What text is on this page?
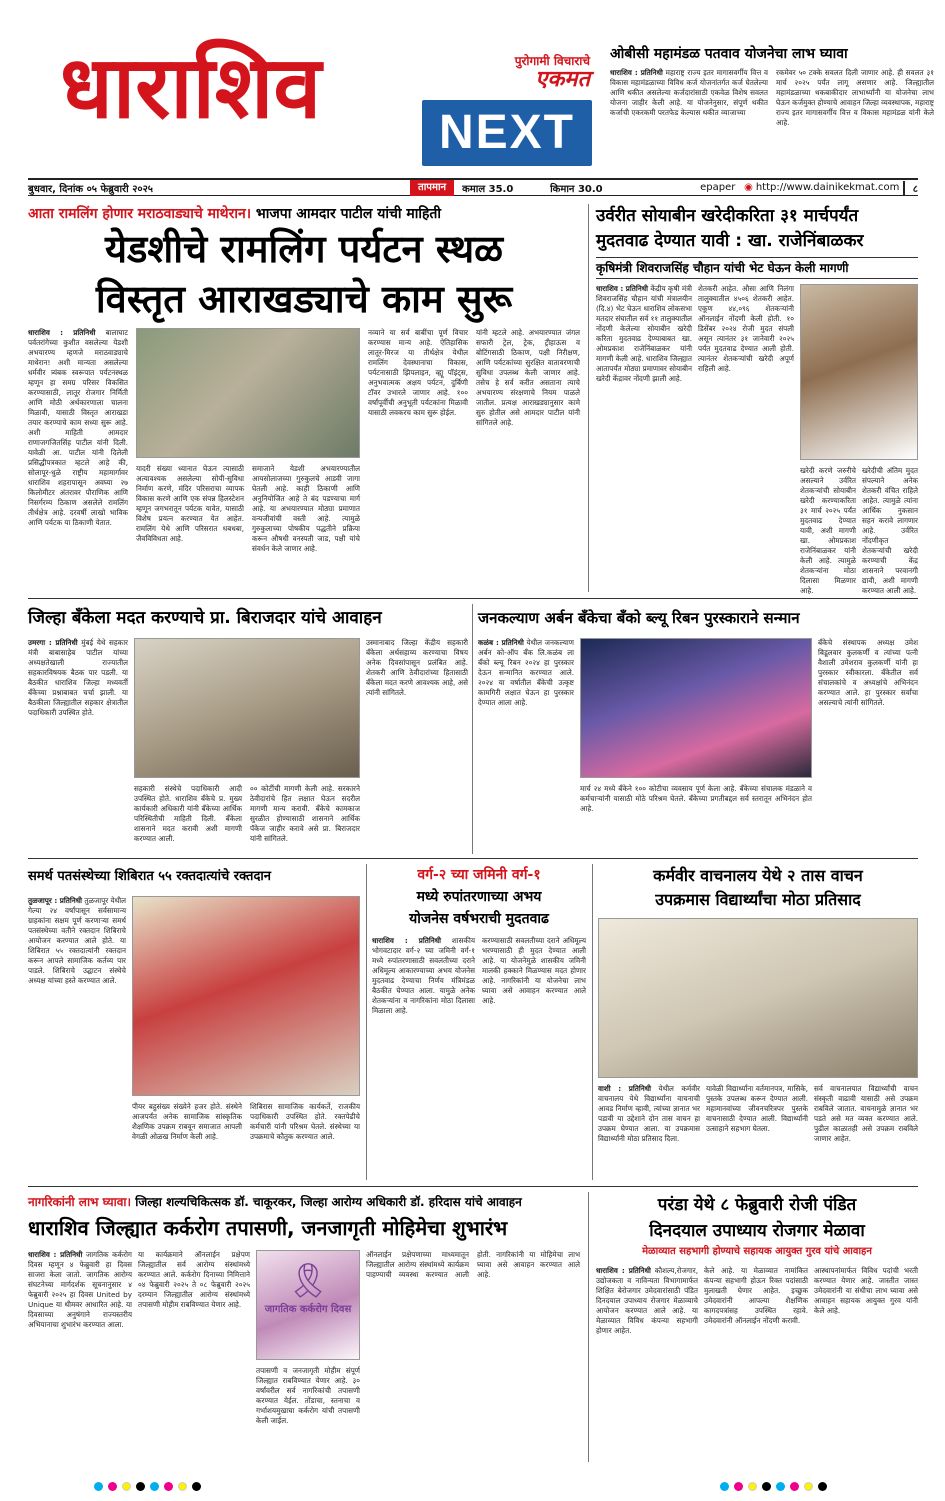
धाराशिव	पुरोगामी विचाराचे
एकमत
NEXT
ओबीसी महामंडळ पतवाव योजनेचा लाभ घ्यावा
धाराशिव : प्रतिनिधी महाराष्ट्र राज्य इतर मागासवर्गीय वित्त व विकास महामंडळाच्या विविध कर्ज योजनांतर्गत कर्ज घेतलेल्या आणि थकीत असलेल्या कर्जदारांसाठी एकवेळ विशेष सवलत योजना जाहीर केली आहे. या योजनेनुसार, संपूर्ण थकीत कर्जाची एकरकमी परतफेड केल्यास थकीत व्याजाच्या
रकमेवर ५० टक्के सवलत दिली जाणार आहे. ही सवलत ३१ मार्च २०२५ पर्यंत लागू असणार आहे. जिल्ह्यातील महामंडळाच्या थकबाकीदार लाभार्थ्यांनी या योजनेचा लाभ घेऊन कर्जमुक्त होण्याचे आवाहन जिल्हा व्यवस्थापक, महाराष्ट्र राज्य इतर मागासवर्गीय वित्त व विकास महामंडळ यांनी केले आहे.
बुधवार, दिनांक ०५ फेब्रुवारी २०२५	तापमान	कमाल 35.0	किमान 30.0	epaper ◉ http://www.dainikekmat.com	८
आता रामलिंग होणार मराठवाड्याचे माथेरान। भाजपा आमदार पाटील यांची माहिती
येडशीचे रामलिंग पर्यटन स्थळ
विस्तृत आराखड्याचे काम सुरू
धाराशिव : प्रतिनिधी बालाघाट पर्वतरांगेच्या कुशीत वसलेल्या येडशी अभयारण्य म्हणजे मराठवाड्याचे माथेरान! अशी मान्यता असलेल्या धर्मवीर त्र्यंबक स्वरूपात पर्यटनस्थळ म्हणून हा समग्र परिसर विकसित करण्यासाठी, लातूर रोजगार निर्मिती आणि मोठी अर्थकारणाला चालना मिळावी, यासाठी विस्तृत आराखडा तयार करण्याचे काम सध्या सुरू आहे. अशी माहिती आमदार राणाजगजितसिंह पाटील यांनी दिली. यावेळी आ. पाटील यांनी दिलेली प्रसिद्धीपत्रकात म्हटले आहे की, सोलापूर-धुळे राष्ट्रीय महामार्गावर धाराशिव शहरापासून अवघ्या २७ किलोमीटर अंतरावर पौराणिक आणि निसर्गरम्य ठिकाण असलेले रामलिंग तीर्थक्षेत्र आहे. दरवर्षी लाखो भाविक आणि पर्यटक या ठिकाणी येतात.
यादरी संख्या ध्यानात घेऊन त्यासाठी अत्यावश्यक असलेल्या सोयी-सुविधा निर्माण करणे, मंदिर परिसराचा व्यापक विकास करणे आणि एक संपन्न हिलस्टेशन म्हणून जगभरातून पर्यटक यावेत, यासाठी विशेष प्रयत्न करण्यात येत आहेत. रामलिंग येथे आणि परिसरात धबधबा, जैवविविधता आहे.
समाजाने येडशी अभयारण्यातील आयसोलाजच्या गुरुकुलचे आडवी जागा घेतली आहे. काही ठिकाणी आणि अनुनियोजित आहे ते बंद पडण्याचा मार्ग आहे. या अभयारण्यात मोठ्या प्रमाणात वन्यजीवांची वस्ती आहे. त्यामुळे गुरुकुलाच्या पोषकीय पद्धतीने प्रक्रिया करून औषधी वनस्पती जाड, पक्षी यांचे संवर्धन केले जाणार आहे.
नव्याने या सर्व बाबींचा पूर्ण विचार करण्यास मान्य आहे. ऐतिहासिक लातूर-मिरज या तीर्थक्षेत्र येथील रामलिंग देवस्थानाचा विकास, पर्यटनासाठी झिपलाइन, व्ह्यू पॉइंट्स, अनुभवात्मक अक्षय पर्यटन, दुर्बिणी टॉवर उभारले जाणार आहे. १०० वर्षांपूर्वीची अनुभूती पर्यटकांना मिळावी यासाठी लवकरच काम सुरू होईल.
यांनी म्हटले आहे. अभयारण्यात जंगल सफारी ट्रेल, ट्रेक, ट्रीहाऊस व बोटिंगसाठी ठिकाण, पक्षी निरीक्षण, आणि पर्यटकांच्या सुरक्षित वातावरणाची सुविधा उपलब्ध केली जाणार आहे. तसेच हे सर्व करीत असताना त्याचे अभयारण्य संरक्षणाचे नियम पाळले जातील. प्रत्यक्ष आराखड्यानुसार कामे सुरु होतील असे आमदार पाटील यांनी सांगितले आहे.
उर्वरीत सोयाबीन खरेदीकरिता ३१ मार्चपर्यंत
मुदतवाढ देण्यात यावी : खा. राजेनिंबाळकर
कृषिमंत्री शिवराजसिंह चौहान यांची भेट घेऊन केली मागणी
धाराशिव : प्रतिनिधी केंद्रीय कृषी मंत्री शिवराजसिंह चौहान यांची मंत्रालयीन (दि.४) भेट घेऊन धाराशिव लोकसभा मतदार संघातील सर्व ११ तालुक्यातील नोंदणी केलेल्या सोयाबीन खरेदी करिता मुदतवाढ देण्याबाबत खा. ओमप्रकाश राजेनिंबाळकर यांनी मागणी केली आहे. धाराशिव जिल्ह्यात आतापर्यंत मोठ्या प्रमाणावर सोयाबीन खरेदी केंद्रावर नोंदणी झाली आहे.
शेतकरी आहेत. औसा आणि निलंगा तालुक्यातील ४५०६ शेतकरी आहेत. एकूण ४४,०९६ शेतकऱ्यांनी ऑनलाईन नोंदणी केली होती. १० डिसेंबर २०२४ रोजी मुदत संपली असून त्यानंतर ३१ जानेवारी २०२५ पर्यंत मुदतवाढ देण्यात आली होती. त्यानंतर शेतकऱ्यांची खरेदी अपूर्ण राहिली आहे.
खरेदी करणे जरुरीचे असल्याने उर्वरित शेतकऱ्यांची सोयाबीन खरेदी करण्याकरिता ३१ मार्च २०२५ पर्यंत मुदतवाढ देण्यात यावी, अशी मागणी खा. ओमप्रकाश राजेनिंबाळकर यांनी केली आहे. त्यामुळे शेतकऱ्यांना मोठा दिलासा मिळणार आहे.
खरेदीची अंतिम मुदत संपल्याने अनेक शेतकरी वंचित राहिले आहेत. त्यामुळे त्यांना आर्थिक नुकसान सहन करावे लागणार आहे. उर्वरित नोंदणीकृत शेतकऱ्यांची खरेदी करण्याची केंद्र शासनाने परवानगी द्यावी, अशी मागणी करण्यात आली आहे.
जिल्हा बँकेला मदत करण्याचे प्रा. बिराजदार यांचे आवाहन
उमरगा : प्रतिनिधी मुंबई येथे सहकार मंत्री बाबासाहेब पाटील यांच्या अध्यक्षतेखाली राज्यातील सहकारविषयक बैठक पार पडली. या बैठकीत धाराशिव जिल्हा मध्यवर्ती बँकेच्या प्रश्नाबाबत चर्चा झाली. या बैठकीला जिल्ह्यातील सहकार क्षेत्रातील पदाधिकारी उपस्थित होते.
सहकारी संस्थेचे पदाधिकारी आदी उपस्थित होते. धाराशिव बँकेचे प्र. मुख्य कार्यकारी अधिकारी यांनी बँकेच्या आर्थिक परिस्थितीची माहिती दिली. बँकेला शासनाने मदत करावी अशी मागणी करण्यात आली.
०० कोटींची मागणी केली आहे. सरकारने ठेवीदारांचे हित लक्षात घेऊन सदरील मागणी मान्य करावी. बँकेचे कामकाज सुरळीत होण्यासाठी शासनाने आर्थिक पॅकेज जाहीर करावे असे प्रा. बिराजदार यांनी सांगितले.
उस्मानाबाद जिल्हा केंद्रीय सहकारी बँकेला अर्थसहाय्य करण्याचा विषय अनेक दिवसांपासून प्रलंबित आहे. शेतकरी आणि ठेवीदारांच्या हितासाठी बँकेला मदत करणे आवश्यक आहे, असे त्यांनी सांगितले.
जनकल्याण अर्बन बँकेचा बँको ब्ल्यू रिबन पुरस्काराने सन्मान
कळंब : प्रतिनिधी येथील जनकल्याण अर्बन को-ऑप बँक लि.कळंब ला बँको ब्ल्यू रिबन २०२४ हा पुरस्कार देऊन सन्मानित करण्यात आले. २०२४ या वर्षातील बँकेची उत्कृष्ट कामगिरी लक्षात घेऊन हा पुरस्कार देण्यात आला आहे.
मार्च २४ मध्ये बँकेने १०० कोटीचा व्यवसाय पूर्ण केला आहे. बँकेच्या संचालक मंडळाने व कर्मचाऱ्यांनी यासाठी मोठे परिश्रम घेतले. बँकेच्या प्रगतीबद्दल सर्व स्तरातून अभिनंदन होत आहे.
बँकेचे संस्थापक अध्यक्ष उमेश बिडूलवार कुलकर्णी व त्यांच्या पत्नी वैशाली उमेशराव कुलकर्णी यांनी हा पुरस्कार स्वीकारला. बँकेतील सर्व संचालकांचे व अध्यक्षांचे अभिनंदन करण्यात आले. हा पुरस्कार सर्वांचा असल्याचे त्यांनी सांगितले.
समर्थ पतसंस्थेच्या शिबिरात ५५ रक्तदात्यांचे रक्तदान
तुळजापूर : प्रतिनिधी तुळजापूर येथील गेल्या २४ वर्षांपासून सर्वसामान्य ग्राहकांना सक्षम पूर्ण करणाऱ्या समर्थ पतसंस्थेच्या वतीने रक्तदान शिबिराचे आयोजन करण्यात आले होते. या शिबिरात ५५ रक्तदात्यांनी रक्तदान करून आपले सामाजिक कर्तव्य पार पाडले. शिबिराचे उद्घाटन संस्थेचे अध्यक्ष यांच्या हस्ते करण्यात आले.
पीयर बहुसंख्य संख्येने हजर होते. संस्थेने आजपर्यंत अनेक सामाजिक सांस्कृतिक शैक्षणिक उपक्रम राबवून समाजात आपली वेगळी ओळख निर्माण केली आहे.
शिबिरास सामाजिक कार्यकर्ते, राजकीय पदाधिकारी उपस्थित होते. रक्तपेढीचे कर्मचारी यांनी परिश्रम घेतले. संस्थेच्या या उपक्रमाचे कौतुक करण्यात आले.
वर्ग-२ च्या जमिनी वर्ग-१
मध्ये रुपांतरणाच्या अभय
योजनेस वर्षभराची मुदतवाढ
धाराशिव : प्रतिनिधी शासकीय भोगवटादार वर्ग-२ च्या जमिनी वर्ग-१ मध्ये रुपांतरणासाठी सवलतीच्या दराने अधिमूल्य आकारण्याच्या अभय योजनेस मुदतवाढ देण्याचा निर्णय मंत्रिमंडळ बैठकीत घेण्यात आला. यामुळे अनेक शेतकऱ्यांना व नागरिकांना मोठा दिलासा मिळाला आहे.
करण्यासाठी सवलतीच्या दराने अधिमूल्य भरण्यासाठी ही मुदत देण्यात आली आहे. या योजनेमुळे शासकीय जमिनी मालकी हक्काने मिळण्यास मदत होणार आहे. नागरिकांनी या योजनेचा लाभ घ्यावा असे आवाहन करण्यात आले आहे.
कर्मवीर वाचनालय येथे २ तास वाचन
उपक्रमास विद्यार्थ्यांचा मोठा प्रतिसाद
वाशी : प्रतिनिधी येथील कर्मवीर वाचनालय येथे विद्यार्थ्यांना वाचनाची आवड निर्माण व्हावी, त्यांच्या ज्ञानात भर पडावी या उद्देशाने दोन तास वाचन हा उपक्रम घेण्यात आला. या उपक्रमास विद्यार्थ्यांनी मोठा प्रतिसाद दिला.
यावेळी विद्यार्थ्यांना वर्तमानपत्र, मासिके, पुस्तके उपलब्ध करून देण्यात आली. महामानवांच्या जीवनचरित्रपर पुस्तके वाचनासाठी देण्यात आली. विद्यार्थ्यांनी उत्साहाने सहभाग घेतला.
सर्व वाचनालयात विद्यार्थ्यांची वाचन संस्कृती वाढावी यासाठी असे उपक्रम राबविले जातात. वाचनामुळे ज्ञानात भर पडते असे मत व्यक्त करण्यात आले. पुढील काळातही असे उपक्रम राबविले जाणार आहेत.
नागरिकांनी लाभ घ्यावा। जिल्हा शल्यचिकित्सक डॉ. चाकूरकर, जिल्हा आरोग्य अधिकारी डॉ. हरिदास यांचे आवाहन
धाराशिव जिल्ह्यात कर्करोग तपासणी, जनजागृती मोहिमेचा शुभारंभ
धाराशिव : प्रतिनिधी जागतिक कर्करोग दिवस म्हणून ४ फेब्रुवारी हा दिवस साजरा केला जातो. जागतिक आरोग्य संघटनेच्या मार्गदर्शक सूचनानुसार ४ फेब्रुवारी २०२५ हा दिवस United by Unique या थीमवर आधारित आहे. या दिवसाच्या अनुषंगाने राज्यस्तरीय अभियानाचा शुभारंभ करण्यात आला.
या कार्यक्रमाने ऑनलाईन प्रक्षेपण जिल्ह्यातील सर्व आरोग्य संस्थांमध्ये करण्यात आले. कर्करोग दिनाच्या निमित्ताने ०४ फेब्रुवारी २०२५ ते ०८ फेब्रुवारी २०२५ दरम्यान जिल्ह्यातील आरोग्य संस्थांमध्ये तपासणी मोहीम राबविण्यात येणार आहे.
🎗
जागतिक कर्करोग दिवस
तपासणी व जनजागृती मोहीम संपूर्ण जिल्ह्यात राबविण्यात येणार आहे. ३० वर्षांवरील सर्व नागरिकांची तपासणी करण्यात येईल. तोंडाचा, स्तनाचा व गर्भाशयमुखाचा कर्करोग यांची तपासणी केली जाईल.
ऑनलाईन प्रक्षेपणाच्या माध्यमातून जिल्ह्यातील आरोग्य संस्थांमध्ये कार्यक्रम पाहण्याची व्यवस्था करण्यात आली होती. नागरिकांनी या मोहिमेचा लाभ घ्यावा असे आवाहन करण्यात आले आहे.
परंडा येथे ८ फेब्रुवारी रोजी पंडित
दिनदयाल उपाध्याय रोजगार मेळावा
मेळाव्यात सहभागी होण्याचे सहायक आयुक्त गुरव यांचे आवाहन
धाराशिव : प्रतिनिधी कौशल्य,रोजगार, उद्योजकता व नाविन्यता विभागामार्फत शिक्षित बेरोजगार उमेदवारांसाठी पंडित दिनदयाल उपाध्याय रोजगार मेळाव्याचे आयोजन करण्यात आले आहे. या मेळाव्यात विविध कंपन्या सहभागी होणार आहेत.
केले आहे. या मेळाव्यात नामांकित कंपन्या सहभागी होऊन रिक्त पदांसाठी मुलाखती घेणार आहेत. इच्छुक उमेदवारांनी आपल्या शैक्षणिक कागदपत्रांसह उपस्थित रहावे. उमेदवारांनी ऑनलाईन नोंदणी करावी.
आस्थापनांमार्फत विविध पदांची भरती करण्यात येणार आहे. जास्तीत जास्त उमेदवारांनी या संधीचा लाभ घ्यावा असे आवाहन सहायक आयुक्त गुरव यांनी केले आहे.
